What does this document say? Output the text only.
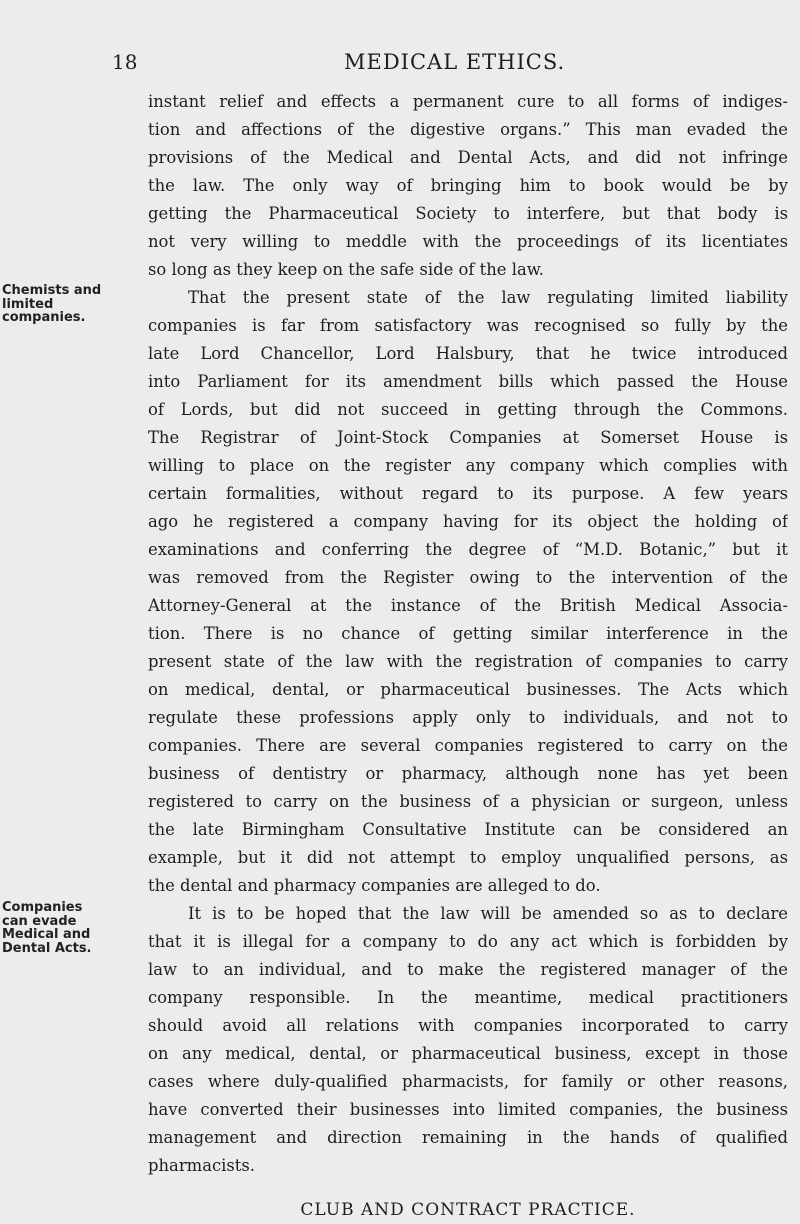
18	MEDICAL ETHICS.
instant relief and effects a permanent cure to all forms of indiges-
tion and affections of the digestive organs.” This man evaded the
provisions of the Medical and Dental Acts, and did not infringe
the law. The only way of bringing him to book would be by
getting the Pharmaceutical Society to interfere, but that body is
not very willing to meddle with the proceedings of its licentiates
so long as they keep on the safe side of the law.
That the present state of the law regulating limited liability
companies is far from satisfactory was recognised so fully by the
late Lord Chancellor, Lord Halsbury, that he twice introduced
into Parliament for its amendment bills which passed the House
of Lords, but did not succeed in getting through the Commons.
The Registrar of Joint-Stock Companies at Somerset House is
willing to place on the register any company which complies with
certain formalities, without regard to its purpose. A few years
ago he registered a company having for its object the holding of
examinations and conferring the degree of “M.D. Botanic,” but it
was removed from the Register owing to the intervention of the
Attorney-General at the instance of the British Medical Associa-
tion. There is no chance of getting similar interference in the
present state of the law with the registration of companies to carry
on medical, dental, or pharmaceutical businesses. The Acts which
regulate these professions apply only to individuals, and not to
companies. There are several companies registered to carry on the
business of dentistry or pharmacy, although none has yet been
registered to carry on the business of a physician or surgeon, unless
the late Birmingham Consultative Institute can be considered an
example, but it did not attempt to employ unqualified persons, as
the dental and pharmacy companies are alleged to do.
It is to be hoped that the law will be amended so as to declare
that it is illegal for a company to do any act which is forbidden by
law to an individual, and to make the registered manager of the
company responsible. In the meantime, medical practitioners
should avoid all relations with companies incorporated to carry
on any medical, dental, or pharmaceutical business, except in those
cases where duly-qualified pharmacists, for family or other reasons,
have converted their businesses into limited companies, the business
management and direction remaining in the hands of qualified
pharmacists.
CLUB AND CONTRACT PRACTICE.
Chemists and
limited
companies.
Companies
can evade
Medical and
Dental Acts.
